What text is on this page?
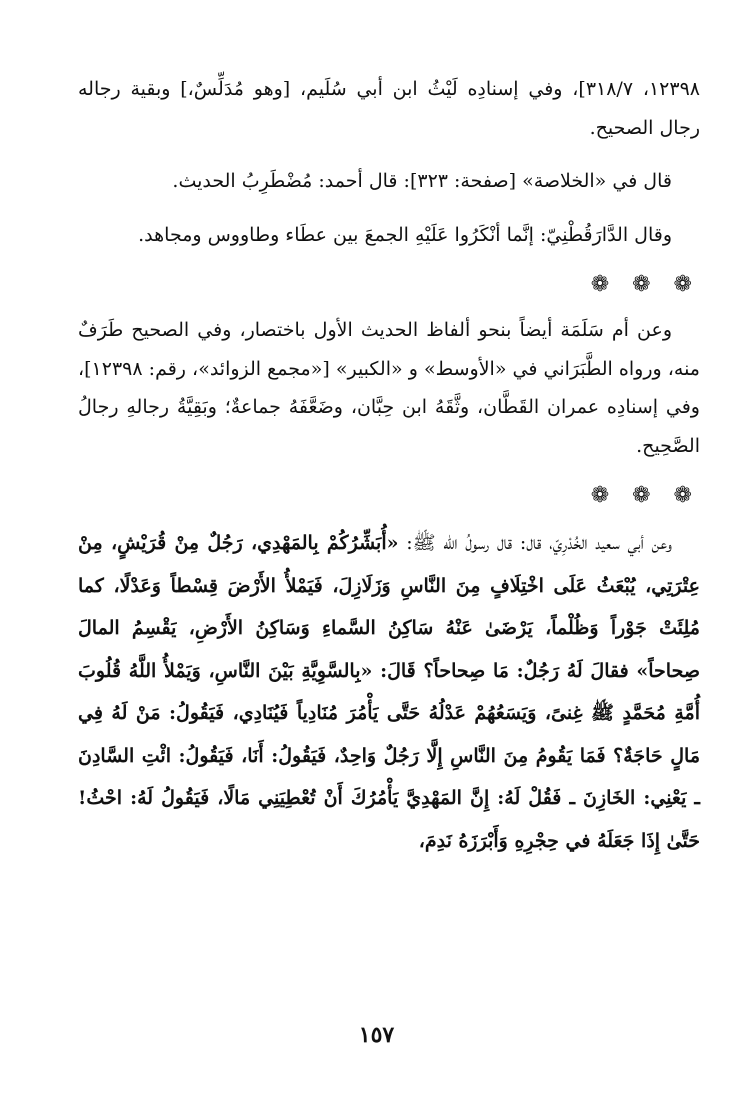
١٢٣٩٨، ٣١٨/٧]، وفي إسنادِه لَيْثُ ابن أبي سُلَيم، [وهو مُدَلِّسٌ،] وبقية رجاله رجال الصحيح.

قال في «الخلاصة» [صفحة: ٣٢٣]: قال أحمد: مُضْطَرِبُ الحديث.

وقال الدَّارَقُطْنِيّ: إنَّما أنْكَرُوا عَلَيْهِ الجمعَ بين عطَاء وطاووس ومجاهد.

❁ ❁ ❁

وعن أم سَلَمَة أيضاً بنحو ألفاظ الحديث الأول باختصار، وفي الصحيح طَرَفٌ منه، ورواه الطَّبَرَاني في «الأوسط» و «الكبير» [«مجمع الزوائد»، رقم: ١٢٣٩٨]، وفي إسنادِه عمران القَطَّان، وثَّقَهُ ابن حِبَّان، وضَعَّفَهُ جماعةٌ؛ وبَقِيَّةُ رجالهِ رجالُ الصَّحِيح.

❁ ❁ ❁

وعن أبي سعيد الخُدْرِيّ، قال: قال رسولُ الله ﷺ: «أُبَشِّرُكُمْ بِالمَهْدِي، رَجُلٌ مِنْ قُرَيْشٍ، مِنْ عِتْرَتِي، يُبْعَثُ عَلَى اخْتِلَافٍ مِنَ النَّاسِ وَزَلَازِلَ، فَيَمْلأُ الأَرْضَ قِسْطاً وَعَدْلًا، كما مُلِئَتْ جَوْراً وَظُلْماً، يَرْضَىٰ عَنْهُ سَاكِنُ السَّماءِ وَسَاكِنُ الأَرْضِ، يَقْسِمُ المالَ صِحاحاً» فقالَ لَهُ رَجُلٌ: مَا صِحاحاً؟ قَالَ: «بِالسَّوِيَّةِ بَيْنَ النَّاسِ، وَيَمْلأُ اللَّهُ قُلُوبَ أُمَّةِ مُحَمَّدٍ ﷺ غِنىً، وَيَسَعُهُمْ عَدْلُهُ حَتَّى يَأْمُرَ مُنَادِياً فَيُنَادِي، فَيَقُولُ: مَنْ لَهُ فِي مَالٍ حَاجَةٌ؟ فَمَا يَقُومُ مِنَ النَّاسِ إِلَّا رَجُلٌ وَاحِدٌ، فَيَقُولُ: أَنَا، فَيَقُولُ: ائْتِ السَّادِنَ ـ يَعْنِي: الخَازِنَ ـ فَقُلْ لَهُ: إِنَّ المَهْدِيَّ يَأْمُرُكَ أَنْ تُعْطِيَنِي مَالًا، فَيَقُولُ لَهُ: احْثُ! حَتَّىٰ إِذَا جَعَلَهُ في حِجْرِهِ وَأَبْرَزَهُ نَدِمَ،

١٥٧
